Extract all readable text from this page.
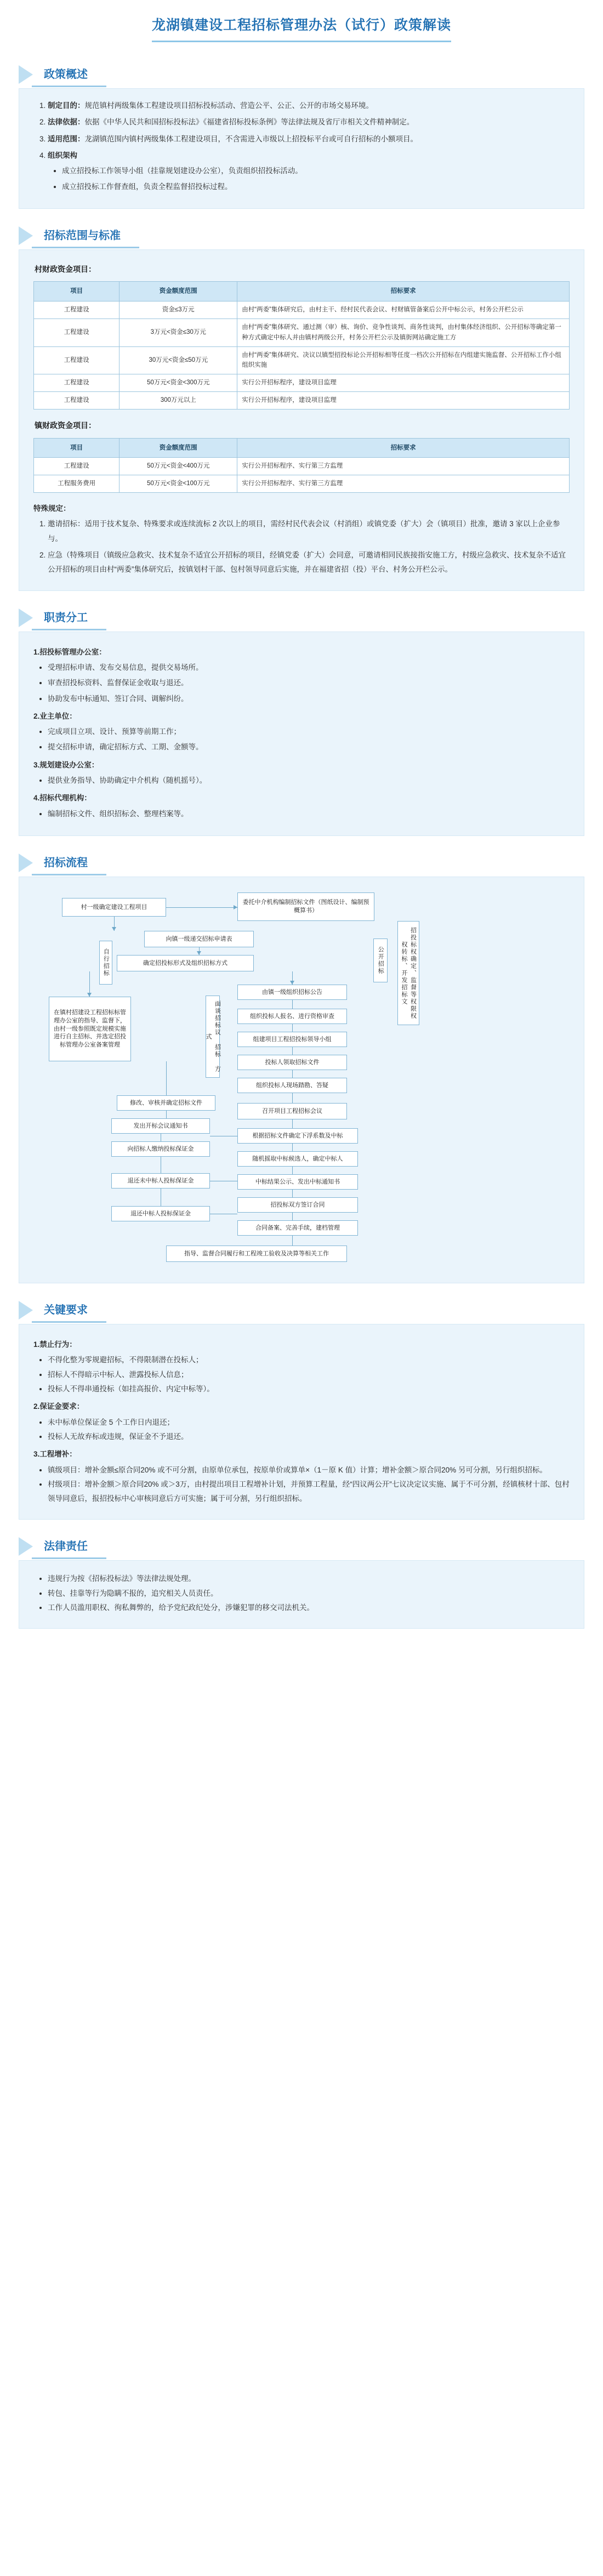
龙湖镇建设工程招标管理办法（试行）政策解读
政策概述
1. 制定目的：规范镇村两级集体工程建设项目招标投标活动、营造公平、公正、公开的市场交易环境。
2. 法律依据：依据《中华人民共和国招标投标法》《福建省招标投标条例》等法律法规及省厅市相关文件精神制定。
3. 适用范围：龙湖镇范围内镇村两级集体工程建设项目，不含需进入市级以上招投标平台或可自行招标的小额项目。
4. 组织架构
• 成立招投标工作领导小组（挂靠规划建设办公室），负责组织招投标活动。
• 成立招投标工作督查组，负责全程监督招投标过程。
招标范围与标准
村财政资金项目：
项目	资金额度范围	招标要求
工程建设	资金≤3万元	由村“两委”集体研究后，由村主干、经村民代表会议、村财镇管备案后公开中标公示，村务公开栏公示
工程建设	3万元<资金≤30万元	由村“两委”集体研究、通过测（审）核、询价、竞争性谈判、商务性谈判，由村集体经济组织、公开招标等确定第一种方式确定中标人并由镇村两级公开，村务公开栏公示及镇街网站确定施工方
工程建设	30万元<资金≤50万元	由村“两委”集体研究、决议以镇型招投标论公开招标相等任度一档次公开招标在内组建实施监督、公开招标工作小组组织实施
工程建设	50万元<资金<300万元	实行公开招标程序，建设项目监理
工程建设	300万元以上	实行公开招标程序，建设项目监理
镇财政资金项目：
项目	资金额度范围	招标要求
工程建设	50万元<资金<400万元	实行公开招标程序、实行第三方监理
工程服务费用	50万元<资金<100万元	实行公开招标程序、实行第三方监理
特殊规定：
1. 邀请招标：适用于技术复杂、特殊要求或连续流标 2 次以上的项目，需经村民代表会议（村消组）或镇党委（扩大）会（镇项目）批准，邀请 3 家以上企业参与。
2. 应急（特殊项目（镇级应急救灾、技术复杂不适宜公开招标的项目，经镇党委（扩大）会同意，可邀请相同民族接指安施工方，村级应急救灾、技术复杂不适宜公开招标的项目由村“两委”集体研究后，按镇划村干部、包村领导同意后实施，并在福建省招（投）平台、村务公开栏公示。
职责分工
1.招投标管理办公室：
• 受理招标申请、发布交易信息，提供交易场所。
• 审查招投标资料、监督保证金收取与退还。
• 协助发布中标通知、签订合同、调解纠纷。
2.业主单位：
• 完成项目立项、设计、预算等前期工作；
• 提交招标申请，确定招标方式、工期、金额等。
3.规划建设办公室：
• 提供业务指导、协助确定中介机构（随机摇号）。
4.招标代理机构：
• 编制招标文件、组织招标会、整理档案等。
招标流程
村一级确定建设工程项目
委托中介机构编制招标文件（图纸设计、编制预概算书）
向镇一级递交招标申请表
确定招投标形式及组织招标方式
在镇村招建设工程招标标管理办公室的指导、监督下，由村一级参照既定规模实施进行自主招标、并选定招投标管理办公室备案管理
由镇一级组织招标公告
组织投标人报名、进行资格审查
组建项目工程招投标领导小组
投标人领取招标文件
组织投标人现场踏勘、答疑
召开项目工程招标会议
根据招标文件确定下浮系数及中标
随机摇取中标候选人，确定中标人
中标结果公示、发出中标通知书
招投标双方签订合同
合同备案、完善手续，建档管理
指导、监督合同履行和工程竣工验收及决算等相关工作
修改、审核并确定招标文件
发出开标会议通知书
向招标人缴纳投标保证金
退还未中标人投标保证金
退还中标人投标保证金
自行招标
面谈招标议 招标 方式
公开招标	招投标权确定、监督等权限权 权转标、开发招标文
关键要求
1.禁止行为：
• 不得化整为零规避招标，不得限制潜在投标人；
• 招标人不得暗示中标人、泄露投标人信息；
• 投标人不得串通投标（如挂高报价、内定中标等）。
2.保证金要求：
• 未中标单位保证金 5 个工作日内退还；
• 投标人无故弃标或违规，保证金不予退还。
3.工程增补：
• 镇级项目：增补金额≤原合同20% 或不可分割，由原单位承包，按原单价或算单×（1－原 K 值）计算；增补金额＞原合同20% 另可分割，另行组织招标。
• 村级项目：增补金额＞原合同20% 或＞3万，由村提出项目工程增补计划，并预算工程量，经“四议两公开”七议决定议实施、属于不可分割，经镇核材十部、包村领导同意后，报招投标中心审核同意后方可实施；属于可分割，另行组织招标。
法律责任
• 违规行为按《招标投标法》等法律法规处理。
• 转包、挂靠等行为隐瞒不报的，追究相关人员责任。
• 工作人员滥用职权、徇私舞弊的，给予党纪政纪处分，涉嫌犯罪的移交司法机关。
